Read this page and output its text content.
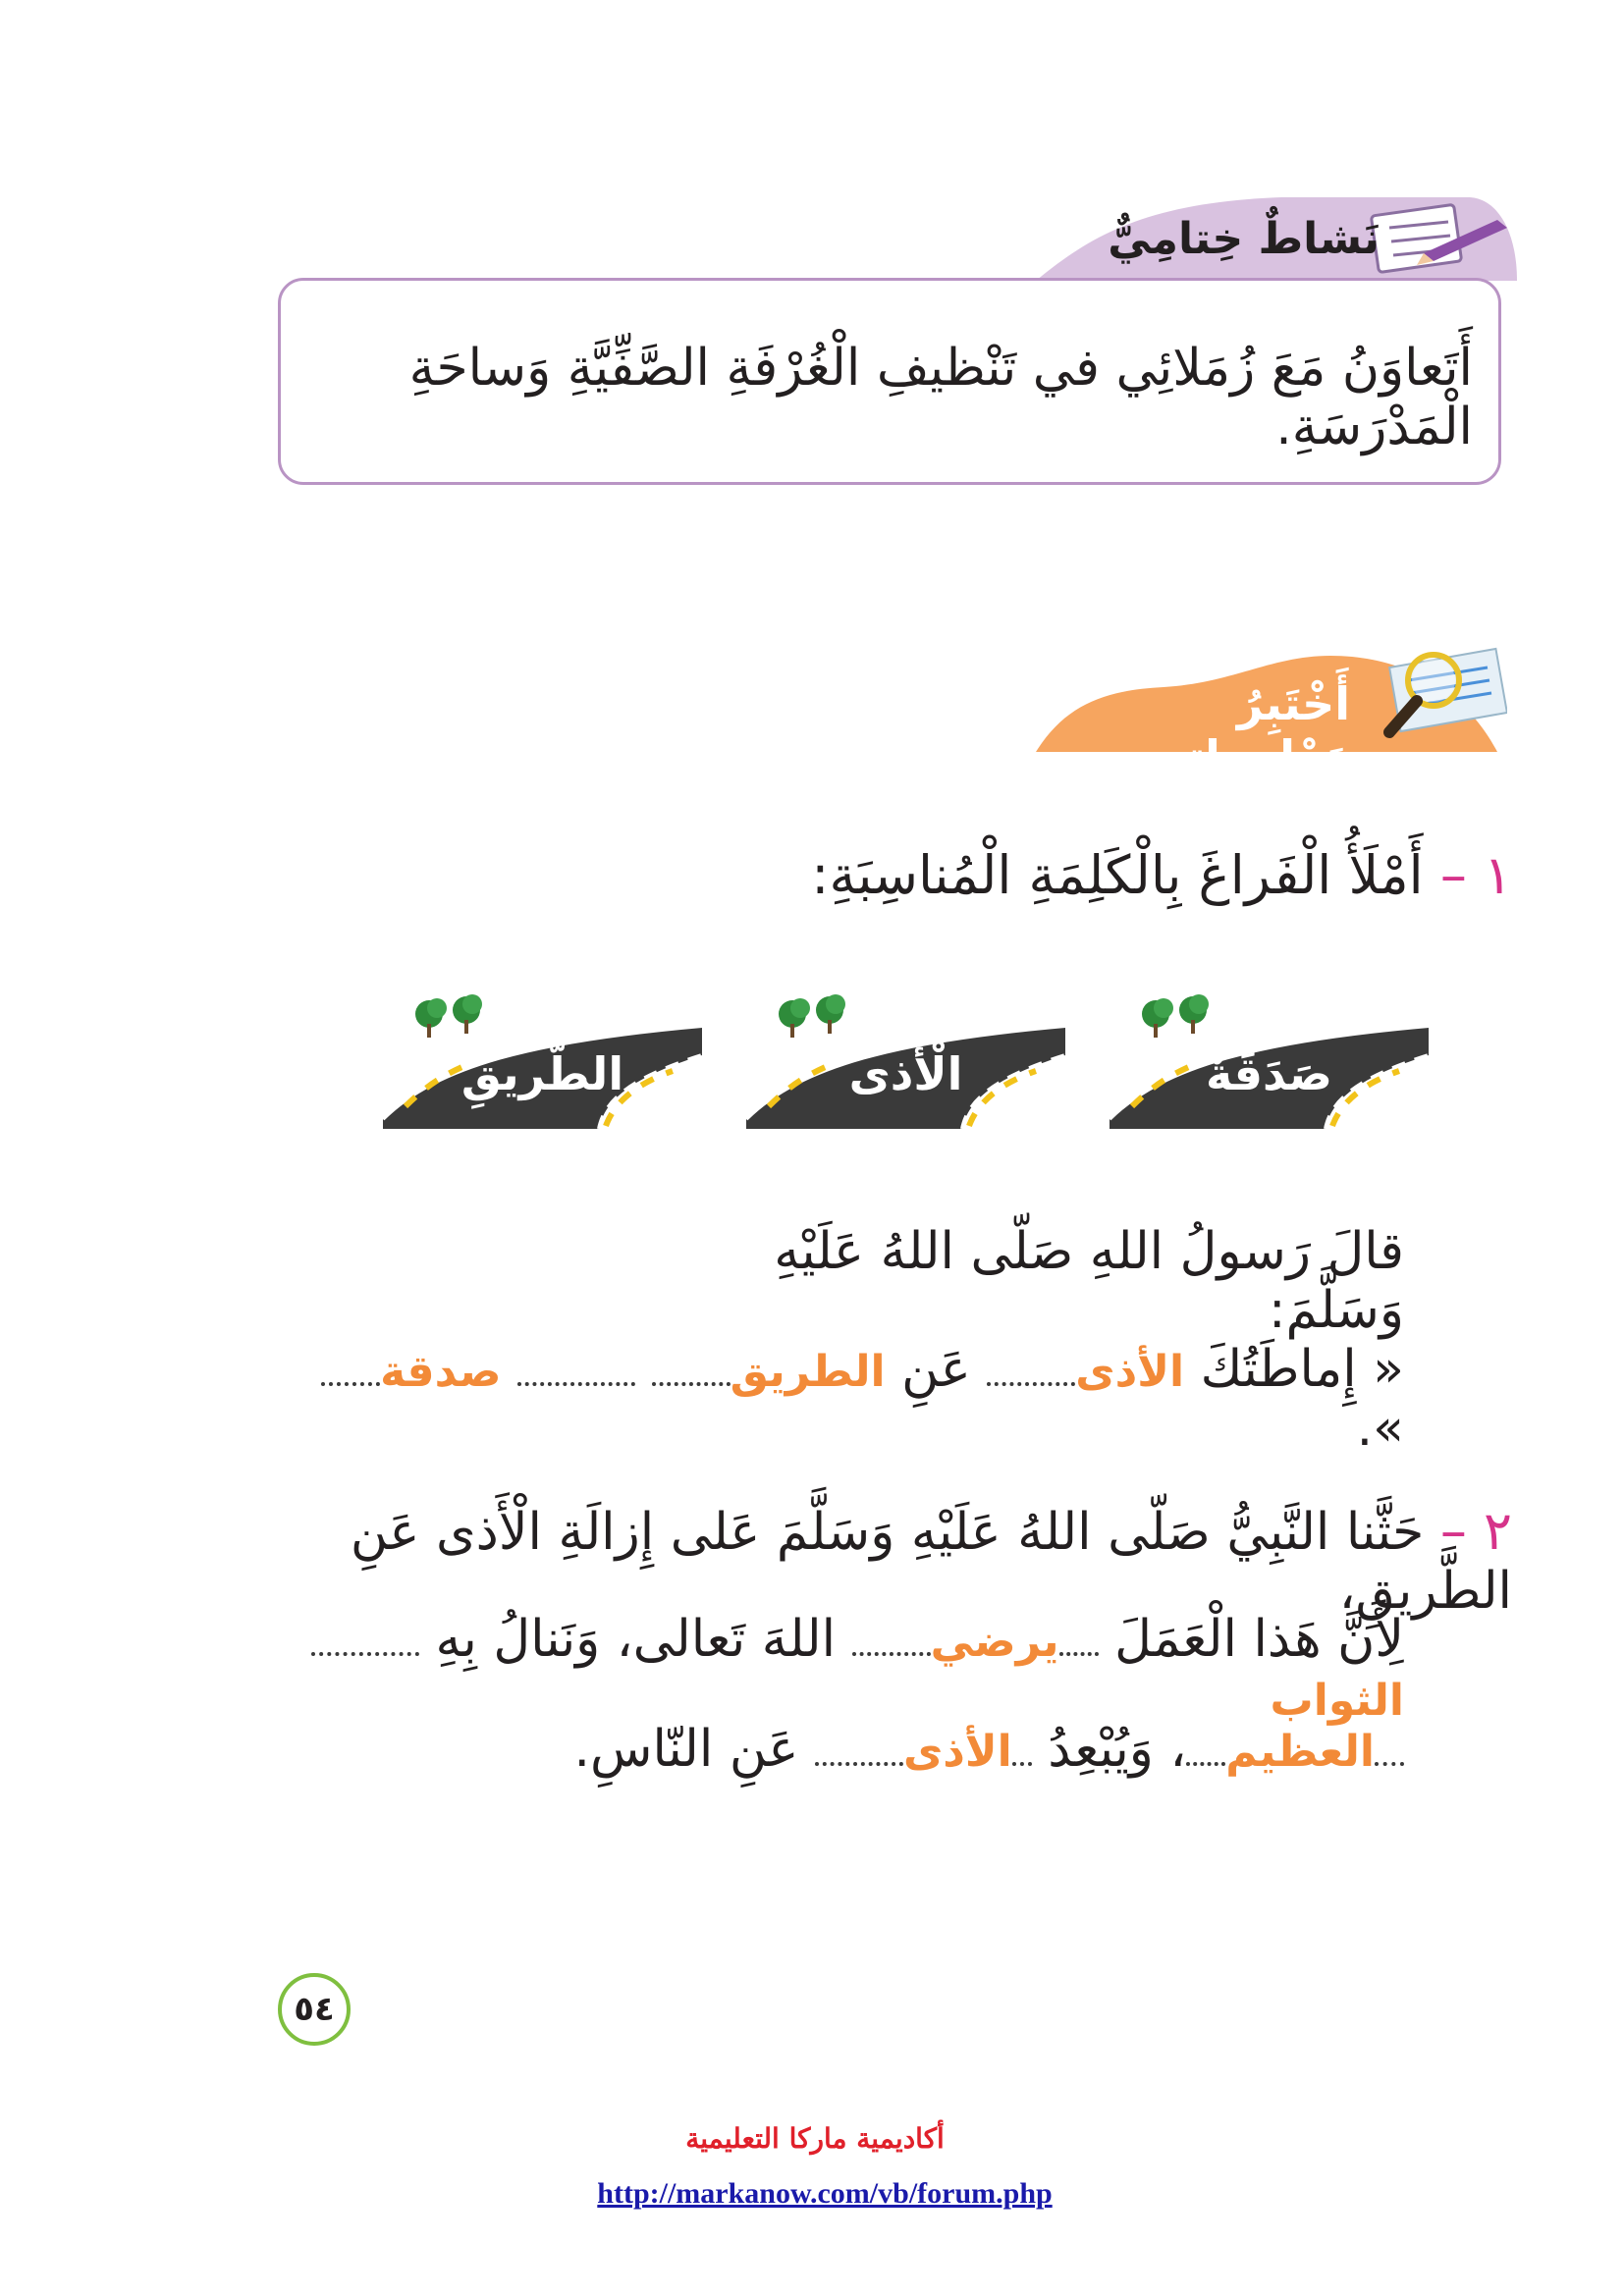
نَشاطٌ خِتامِيٌّ
أَتَعاوَنُ مَعَ زُمَلائِي في تَنْظيفِ الْغُرْفَةِ الصَّفِّيَّةِ وَساحَةِ الْمَدْرَسَةِ.
أَخْتَبِرُ مَعْلوماتي
١ – أَمْلَأُ الْفَراغَ بِالْكَلِمَةِ الْمُناسِبَةِ:
صَدَقَةٌ
الْأَذى
الطَّريقِ
قالَ رَسولُ اللهِ صَلّى اللهُ عَلَيْهِ وَسَلَّمَ:
« إِماطَتُكَ الأذى عَنِ الطريق  صدقة ».
٢ – حَثَّنا النَّبِيُّ صَلّى اللهُ عَلَيْهِ وَسَلَّمَ عَلى إِزالَةِ الْأَذى عَنِ الطَّريقِ،
لِأَنَّ هَذا الْعَمَلَ يرضي اللهَ تَعالى، وَنَنالُ بِهِ الثواب
العظيم، وَيُبْعِدُ الأذى عَنِ النّاسِ.
٥٤
أكاديمية ماركا التعليمية
http://markanow.com/vb/forum.php
